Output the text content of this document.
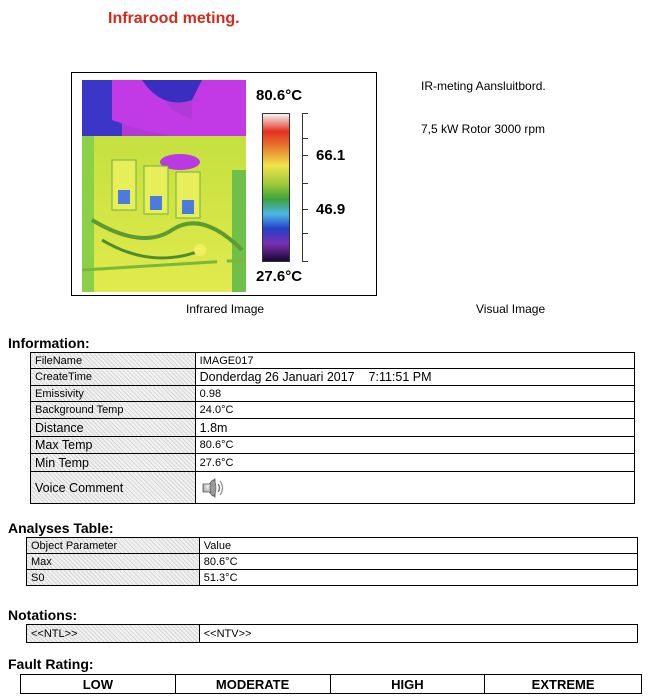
Infrarood meting.
80.6°C
66.1
46.9
27.6°C
Infrared Image	Visual Image
IR-meting Aansluitbord.
7,5 kW Rotor 3000 rpm
Information:
FileName	IMAGE017
CreateTime	Donderdag 26 Januari 2017    7:11:51 PM
Emissivity	0.98
Background Temp	24.0°C
Distance	1.8m
Max Temp	80.6°C
Min Temp	27.6°C
Voice Comment	
Analyses Table:
Object Parameter	Value
Max	80.6°C
S0	51.3°C
Notations:
<<NTL>>	<<NTV>>
Fault Rating:
LOW	MODERATE	HIGH	EXTREME
